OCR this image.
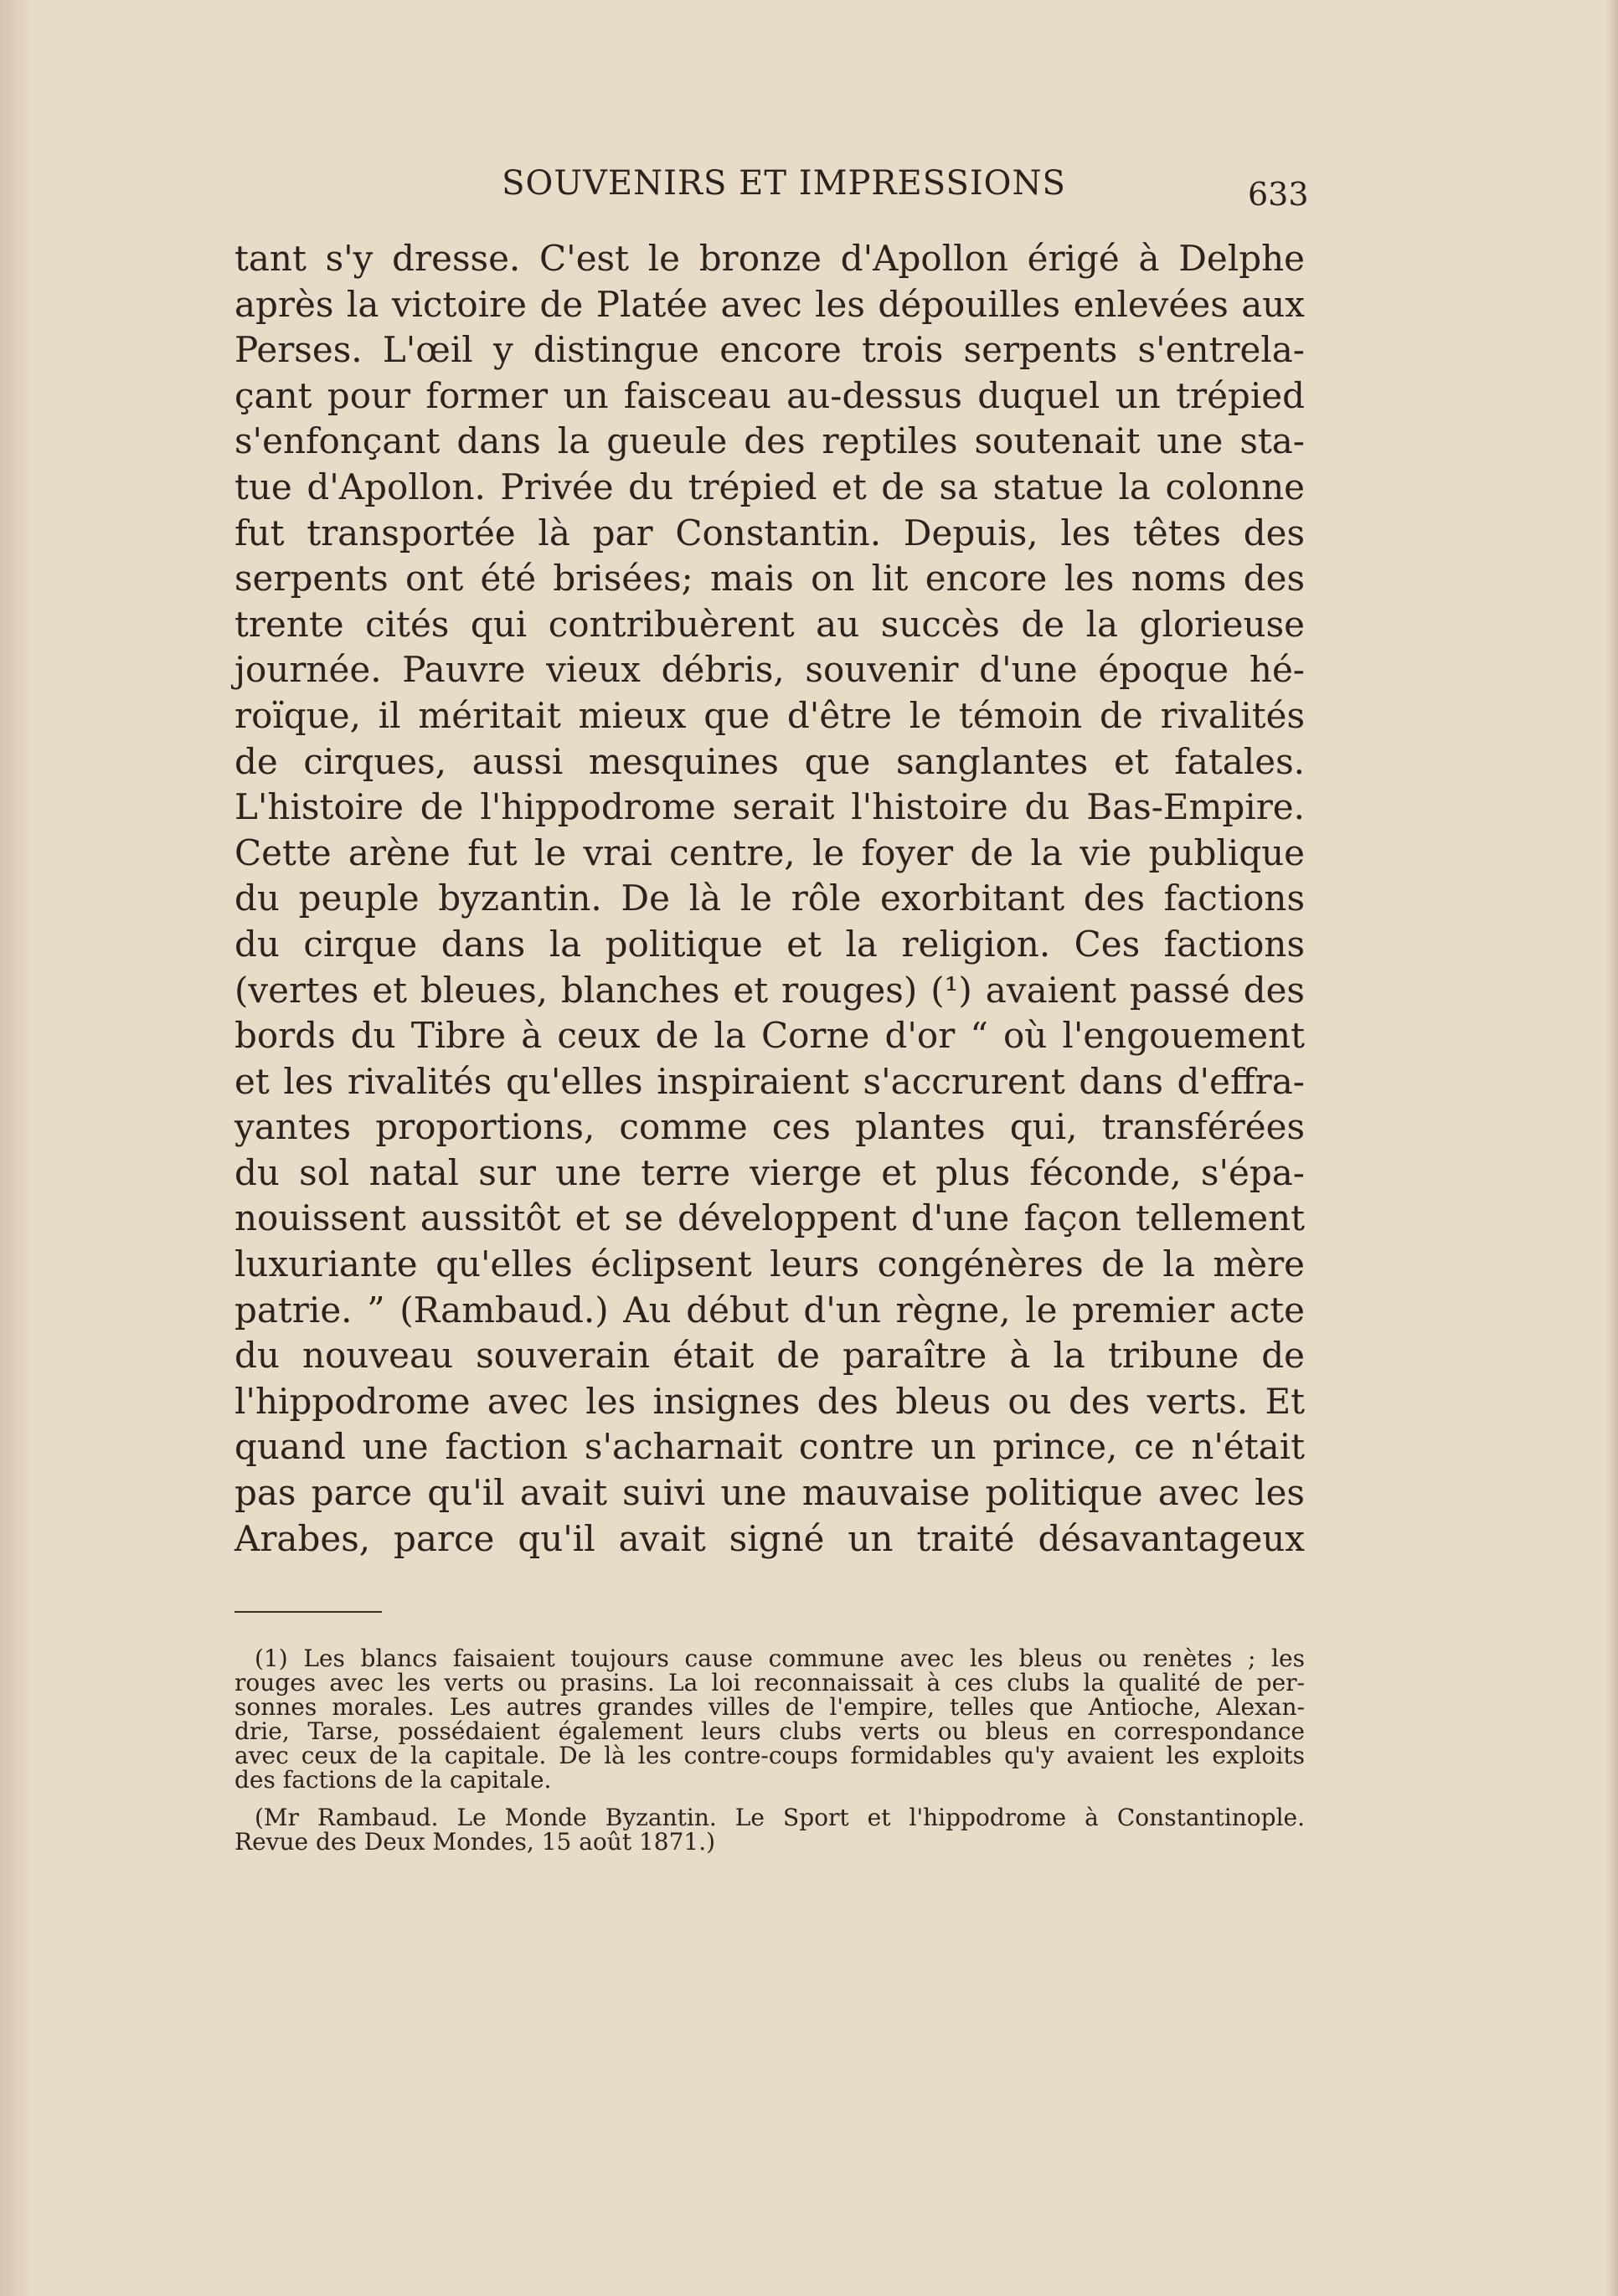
SOUVENIRS ET IMPRESSIONS	633
tant s'y dresse. C'est le bronze d'Apollon érigé à Delphe
après la victoire de Platée avec les dépouilles enlevées aux
Perses. L'œil y distingue encore trois serpents s'entrela-
çant pour former un faisceau au-dessus duquel un trépied
s'enfonçant dans la gueule des reptiles soutenait une sta-
tue d'Apollon. Privée du trépied et de sa statue la colonne
fut transportée là par Constantin. Depuis, les têtes des
serpents ont été brisées; mais on lit encore les noms des
trente cités qui contribuèrent au succès de la glorieuse
journée. Pauvre vieux débris, souvenir d'une époque hé-
roïque, il méritait mieux que d'être le témoin de rivalités
de cirques, aussi mesquines que sanglantes et fatales.
L'histoire de l'hippodrome serait l'histoire du Bas-Empire.
Cette arène fut le vrai centre, le foyer de la vie publique
du peuple byzantin. De là le rôle exorbitant des factions
du cirque dans la politique et la religion. Ces factions
(vertes et bleues, blanches et rouges) (¹) avaient passé des
bords du Tibre à ceux de la Corne d'or “ où l'engouement
et les rivalités qu'elles inspiraient s'accrurent dans d'effra-
yantes proportions, comme ces plantes qui, transférées
du sol natal sur une terre vierge et plus féconde, s'épa-
nouissent aussitôt et se développent d'une façon tellement
luxuriante qu'elles éclipsent leurs congénères de la mère
patrie. ” (Rambaud.) Au début d'un règne, le premier acte
du nouveau souverain était de paraître à la tribune de
l'hippodrome avec les insignes des bleus ou des verts. Et
quand une faction s'acharnait contre un prince, ce n'était
pas parce qu'il avait suivi une mauvaise politique avec les
Arabes, parce qu'il avait signé un traité désavantageux
(1) Les blancs faisaient toujours cause commune avec les bleus ou renètes ; les
rouges avec les verts ou prasins. La loi reconnaissait à ces clubs la qualité de per-
sonnes morales. Les autres grandes villes de l'empire, telles que Antioche, Alexan-
drie, Tarse, possédaient également leurs clubs verts ou bleus en correspondance
avec ceux de la capitale. De là les contre-coups formidables qu'y avaient les exploits
des factions de la capitale.
(Mr Rambaud. Le Monde Byzantin. Le Sport et l'hippodrome à Constantinople.
Revue des Deux Mondes, 15 août 1871.)
